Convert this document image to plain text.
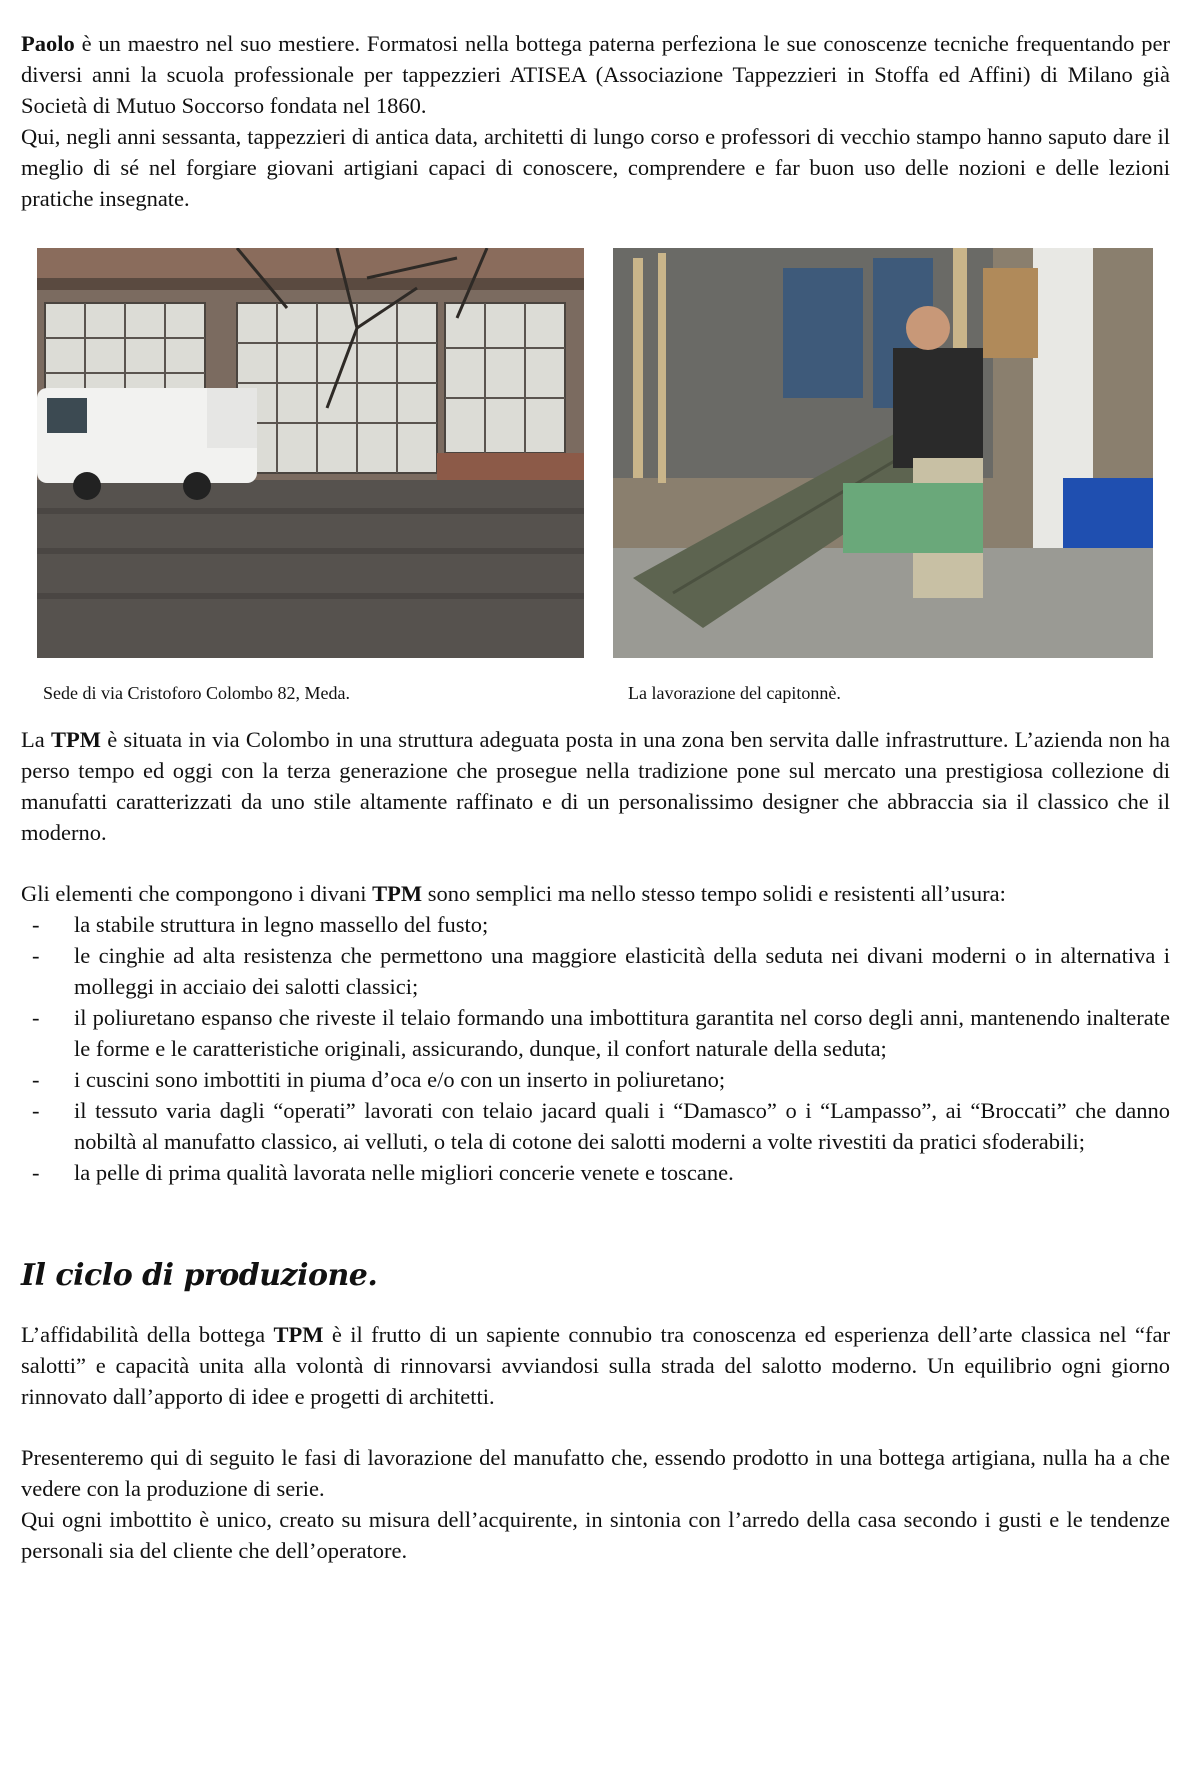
Paolo è un maestro nel suo mestiere. Formatosi nella bottega paterna perfeziona le sue conoscenze tecniche frequentando per diversi anni la scuola professionale per tappezzieri ATISEA (Associazione Tappezzieri in Stoffa ed Affini) di Milano già Società di Mutuo Soccorso fondata nel 1860.

Qui, negli anni sessanta, tappezzieri di antica data, architetti di lungo corso e professori di vecchio stampo hanno saputo dare il meglio di sé nel forgiare giovani artigiani capaci di conoscere, comprendere e far buon uso delle nozioni e delle lezioni pratiche insegnate.

Sede di via Cristoforo Colombo 82, Meda.	La lavorazione del capitonnè.

La TPM è situata in via Colombo in una struttura adeguata posta in una zona ben servita dalle infrastrutture. L’azienda non ha perso tempo ed oggi con la terza generazione che prosegue nella tradizione pone sul mercato una prestigiosa collezione di manufatti caratterizzati da uno stile altamente raffinato e di un personalissimo designer che abbraccia sia il classico che il moderno.

Gli elementi che compongono i divani TPM sono semplici ma nello stesso tempo solidi e resistenti all’usura:

- la stabile struttura in legno massello del fusto;
- le cinghie ad alta resistenza che permettono una maggiore elasticità della seduta nei divani moderni o in alternativa i molleggi in acciaio dei salotti classici;
- il poliuretano espanso che riveste il telaio formando una imbottitura garantita nel corso degli anni, mantenendo inalterate le forme e le caratteristiche originali, assicurando, dunque, il confort naturale della seduta;
- i cuscini sono imbottiti in piuma d’oca e/o con un inserto in poliuretano;
- il tessuto varia dagli “operati” lavorati con telaio jacard quali i “Damasco” o i “Lampasso”, ai “Broccati” che danno nobiltà al manufatto classico, ai velluti, o tela di cotone dei salotti moderni a volte rivestiti da pratici sfoderabili;
- la pelle di prima qualità lavorata nelle migliori concerie venete e toscane.
Il ciclo di produzione.

L’affidabilità della bottega TPM è il frutto di un sapiente connubio tra conoscenza ed esperienza dell’arte classica nel “far salotti” e capacità unita alla volontà di rinnovarsi avviandosi sulla strada del salotto moderno. Un equilibrio ogni giorno rinnovato dall’apporto di idee e progetti di architetti.

Presenteremo qui di seguito le fasi di lavorazione del manufatto che, essendo prodotto in una bottega artigiana, nulla ha a che vedere con la produzione di serie.

Qui ogni imbottito è unico, creato su misura dell’acquirente, in sintonia con l’arredo della casa secondo i gusti e le tendenze personali sia del cliente che dell’operatore.
